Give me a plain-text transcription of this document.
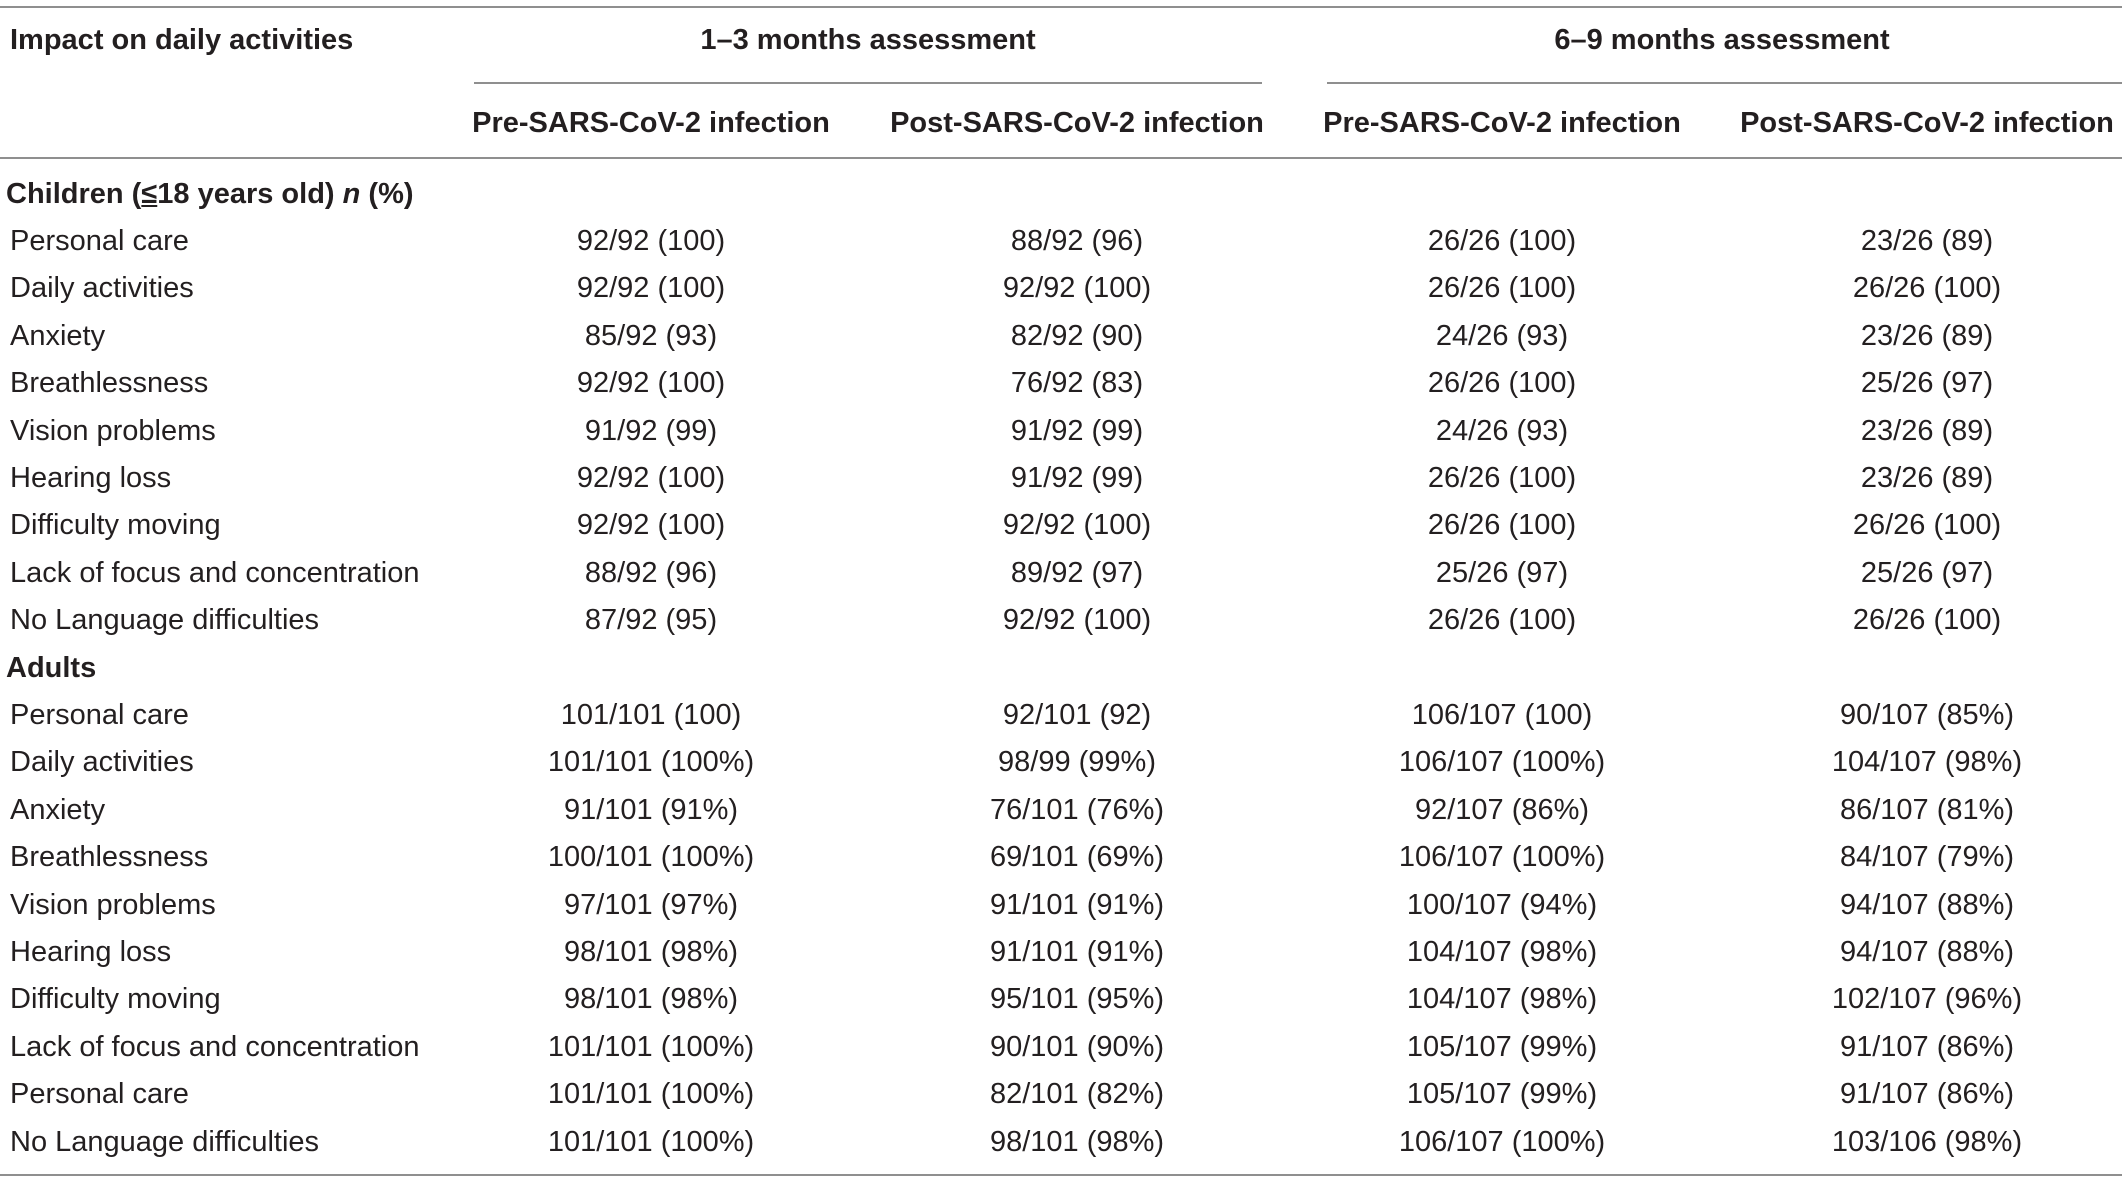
Impact on daily activities	1–3 months assessment	6–9 months assessment
Pre-SARS-CoV-2 infection Post-SARS-CoV-2 infection Pre-SARS-CoV-2 infection Post-SARS-CoV-2 infection
Children (≤18 years old) n (%)
Personal care	92/92 (100)	88/92 (96)	26/26 (100)	23/26 (89)
Daily activities	92/92 (100)	92/92 (100)	26/26 (100)	26/26 (100)
Anxiety	85/92 (93)	82/92 (90)	24/26 (93)	23/26 (89)
Breathlessness	92/92 (100)	76/92 (83)	26/26 (100)	25/26 (97)
Vision problems	91/92 (99)	91/92 (99)	24/26 (93)	23/26 (89)
Hearing loss	92/92 (100)	91/92 (99)	26/26 (100)	23/26 (89)
Difficulty moving	92/92 (100)	92/92 (100)	26/26 (100)	26/26 (100)
Lack of focus and concentration	88/92 (96)	89/92 (97)	25/26 (97)	25/26 (97)
No Language difficulties	87/92 (95)	92/92 (100)	26/26 (100)	26/26 (100)
Adults
Personal care	101/101 (100)	92/101 (92)	106/107 (100)	90/107 (85%)
Daily activities	101/101 (100%)	98/99 (99%)	106/107 (100%)	104/107 (98%)
Anxiety	91/101 (91%)	76/101 (76%)	92/107 (86%)	86/107 (81%)
Breathlessness	100/101 (100%)	69/101 (69%)	106/107 (100%)	84/107 (79%)
Vision problems	97/101 (97%)	91/101 (91%)	100/107 (94%)	94/107 (88%)
Hearing loss	98/101 (98%)	91/101 (91%)	104/107 (98%)	94/107 (88%)
Difficulty moving	98/101 (98%)	95/101 (95%)	104/107 (98%)	102/107 (96%)
Lack of focus and concentration	101/101 (100%)	90/101 (90%)	105/107 (99%)	91/107 (86%)
Personal care	101/101 (100%)	82/101 (82%)	105/107 (99%)	91/107 (86%)
No Language difficulties	101/101 (100%)	98/101 (98%)	106/107 (100%)	103/106 (98%)
